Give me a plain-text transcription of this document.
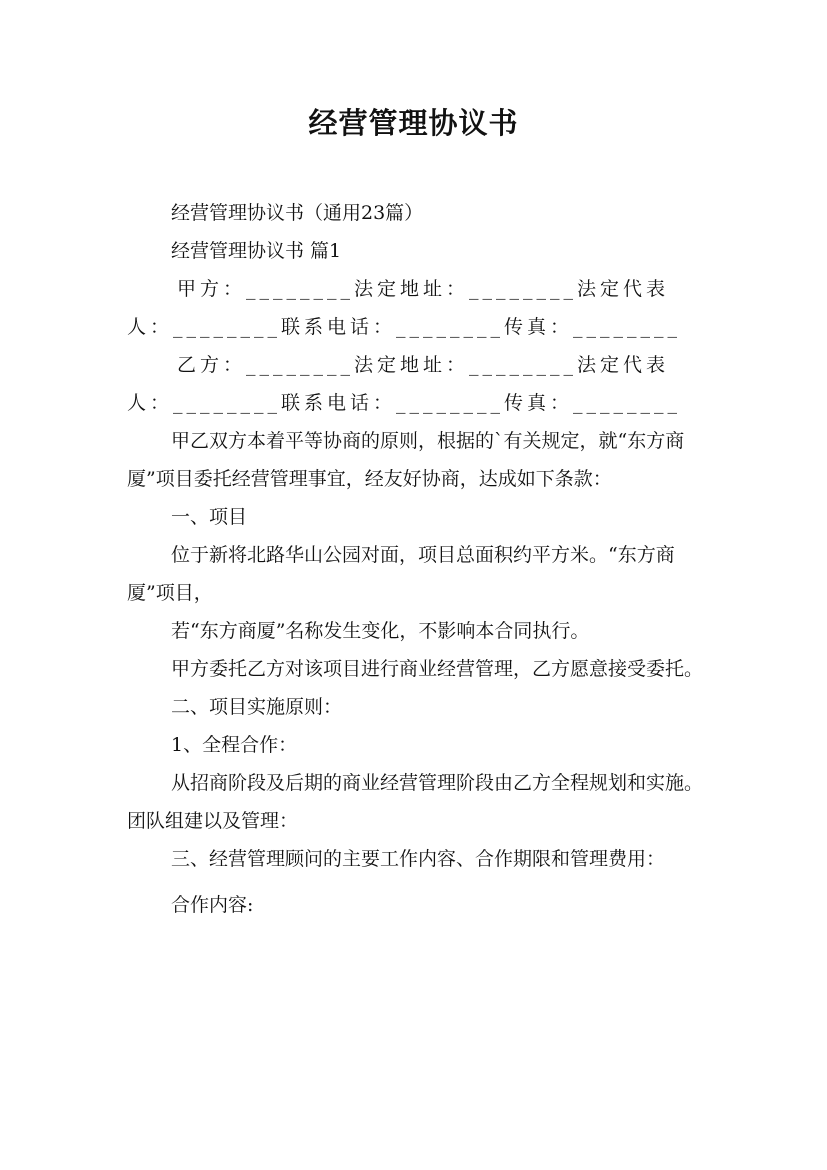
经营管理协议书

经营管理协议书（通用23篇）

经营管理协议书 篇1

甲方：________法定地址：________法定代表人：________联系电话：________传真：________

乙方：________法定地址：________法定代表人：________联系电话：________传真：________

甲乙双方本着平等协商的原则，根据的`有关规定，就“东方商厦”项目委托经营管理事宜，经友好协商，达成如下条款：

一、项目

位于新将北路华山公园对面，项目总面积约平方米。“东方商厦”项目，

若“东方商厦”名称发生变化，不影响本合同执行。

甲方委托乙方对该项目进行商业经营管理，乙方愿意接受委托。

二、项目实施原则：

1、全程合作：

从招商阶段及后期的商业经营管理阶段由乙方全程规划和实施。团队组建以及管理：

三、经营管理顾问的主要工作内容、合作期限和管理费用：

合作内容:
